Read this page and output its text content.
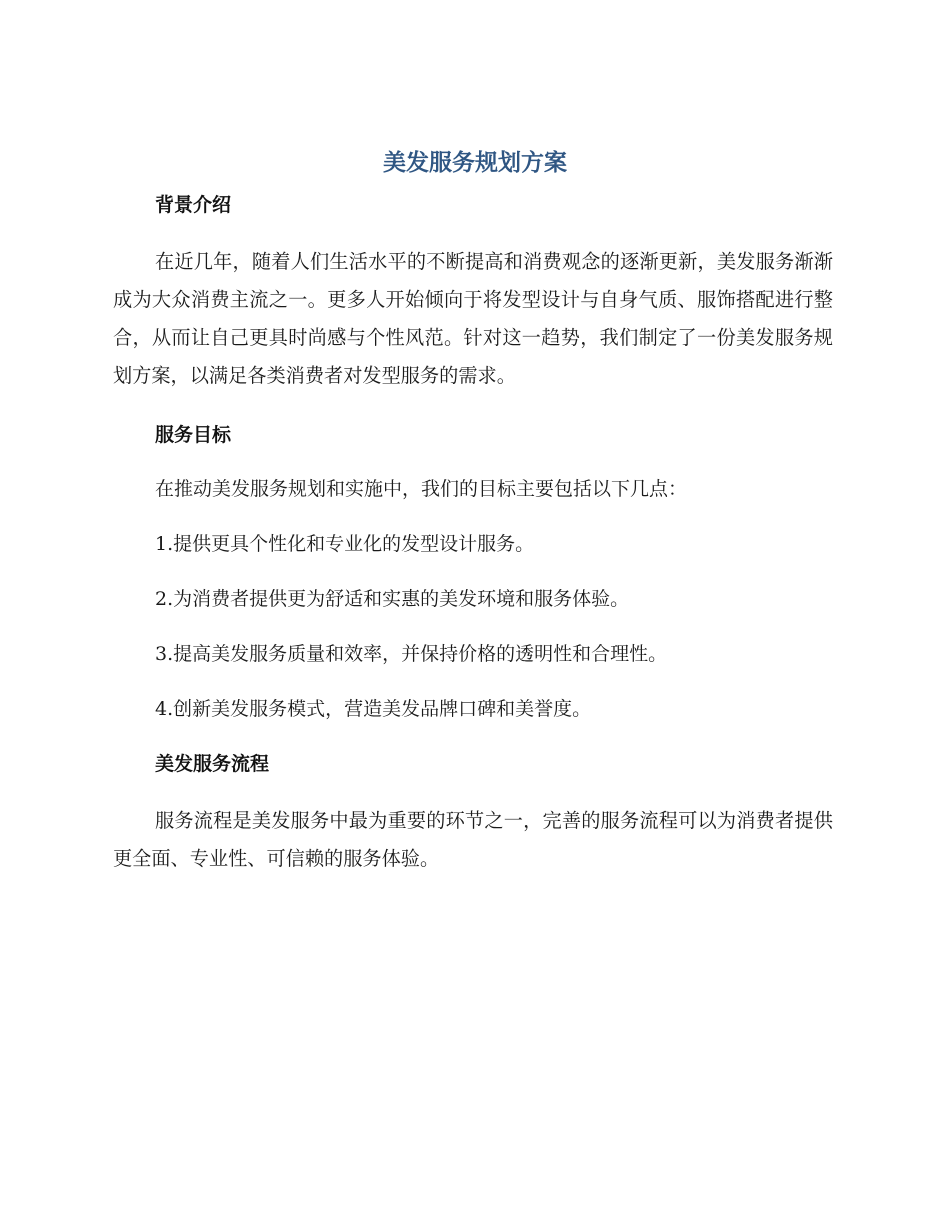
美发服务规划方案
背景介绍

在近几年，随着人们生活水平的不断提高和消费观念的逐渐更新，美发服务渐渐成为大众消费主流之一。更多人开始倾向于将发型设计与自身气质、服饰搭配进行整合，从而让自己更具时尚感与个性风范。针对这一趋势，我们制定了一份美发服务规划方案，以满足各类消费者对发型服务的需求。

服务目标

在推动美发服务规划和实施中，我们的目标主要包括以下几点：

1.提供更具个性化和专业化的发型设计服务。

2.为消费者提供更为舒适和实惠的美发环境和服务体验。

3.提高美发服务质量和效率，并保持价格的透明性和合理性。

4.创新美发服务模式，营造美发品牌口碑和美誉度。

美发服务流程

服务流程是美发服务中最为重要的环节之一，完善的服务流程可以为消费者提供更全面、专业性、可信赖的服务体验。
